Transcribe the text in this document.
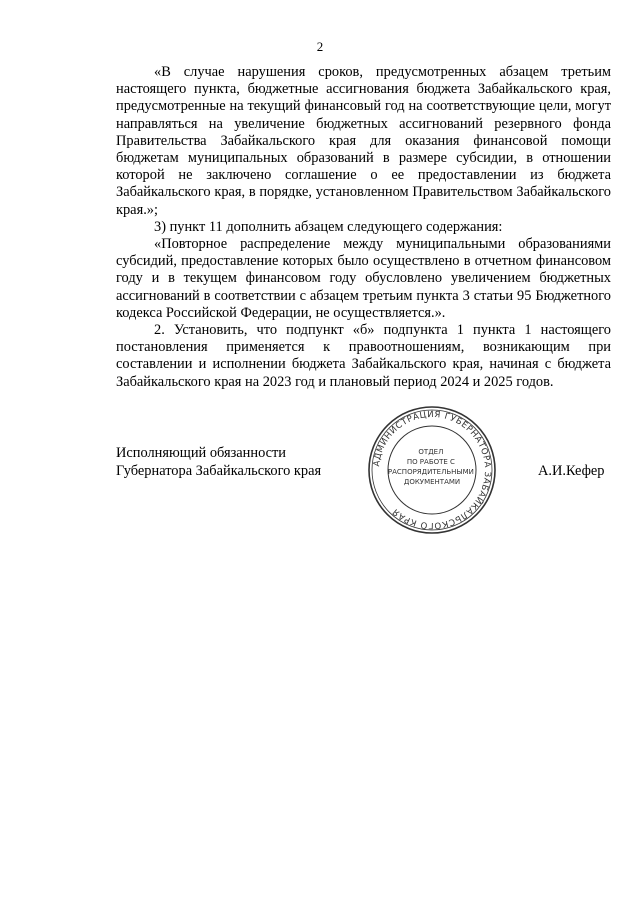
2

«В случае нарушения сроков, предусмотренных абзацем третьим настоящего пункта, бюджетные ассигнования бюджета Забайкальского края, предусмотренные на текущий финансовый год на соответствующие цели, могут направляться на увеличение бюджетных ассигнований резервного фонда Правительства Забайкальского края для оказания финансовой помощи бюджетам муниципальных образований в размере субсидии, в отношении которой не заключено соглашение о ее предоставлении из бюджета Забайкальского края, в порядке, установленном Правительством Забайкальского края.»;

3) пункт 11 дополнить абзацем следующего содержания:

«Повторное распределение между муниципальными образованиями субсидий, предоставление которых было осуществлено в отчетном финансовом году и в текущем финансовом году обусловлено увеличением бюджетных ассигнований в соответствии с абзацем третьим пункта 3 статьи 95 Бюджетного кодекса Российской Федерации, не осуществляется.».

2. Установить, что подпункт «б» подпункта 1 пункта 1 настоящего постановления применяется к правоотношениям, возникающим при составлении и исполнении бюджета Забайкальского края, начиная с бюджета Забайкальского края на 2023 год и плановый период 2024 и 2025 годов.

Исполняющий обязанности
Губернатора Забайкальского края	АДМИНИСТРАЦИЯ ГУБЕРНАТОРА ЗАБАЙКАЛЬСКОГО КРАЯ
ОТДЕЛ ПО РАБОТЕ С РАСПОРЯДИТЕЛЬНЫМИ ДОКУМЕНТАМИ
А.И.Кефер
